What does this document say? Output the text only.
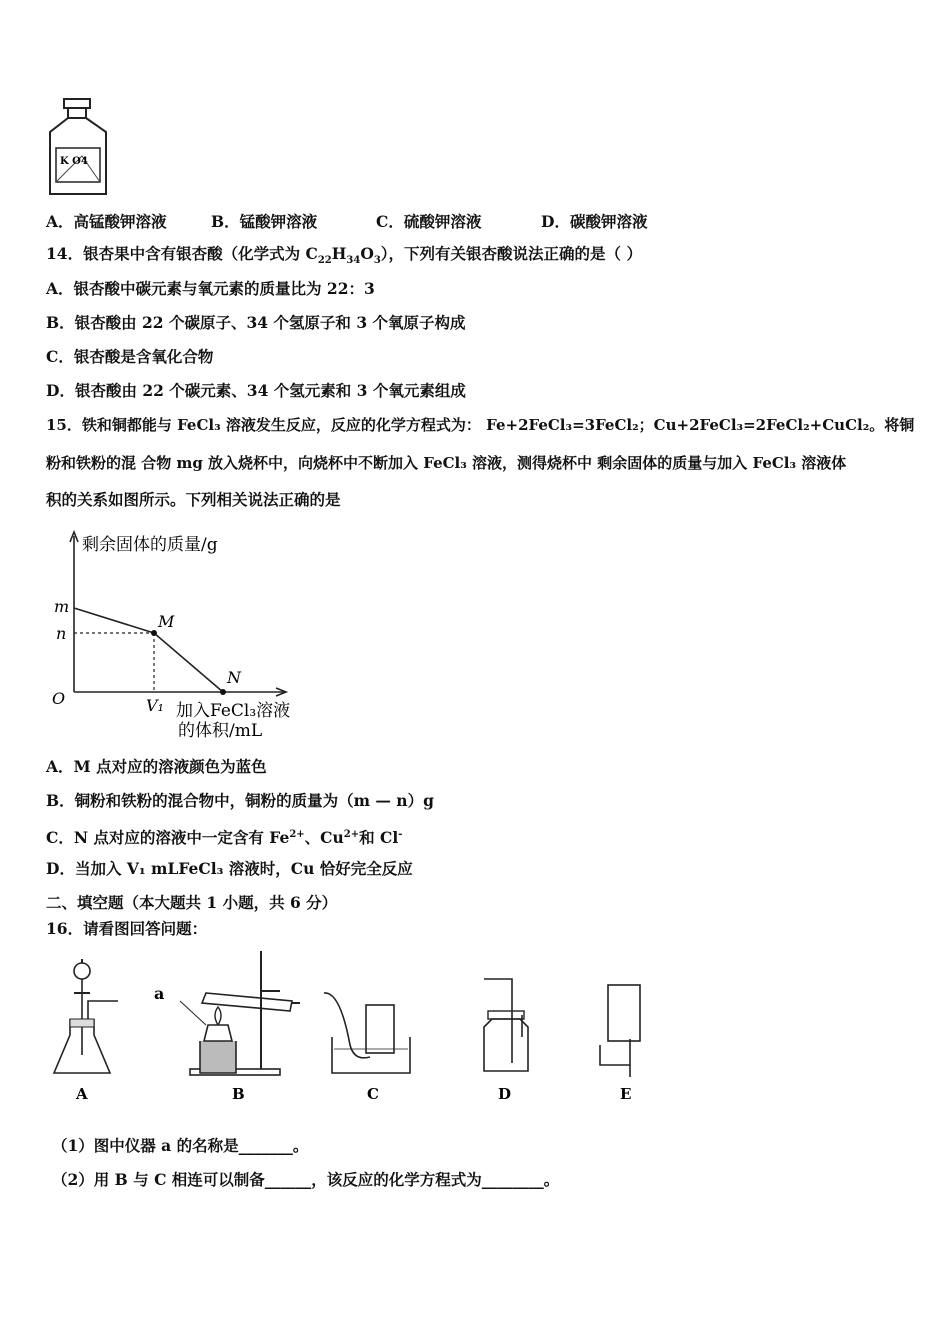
K O4
A．高锰酸钾溶液	B．锰酸钾溶液	C．硫酸钾溶液	D．碳酸钾溶液
14．银杏果中含有银杏酸（化学式为 $C_{22}H_{34}O_3$），下列有关银杏酸说法正确的是（ ）
A．银杏酸中碳元素与氧元素的质量比为 22：3
B．银杏酸由 22 个碳原子、34 个氢原子和 3 个氧原子构成
C．银杏酸是含氧化合物
D．银杏酸由 22 个碳元素、34 个氢元素和 3 个氧元素组成
15．铁和铜都能与 FeCl₃ 溶液发生反应，反应的化学方程式为： Fe+2FeCl₃=3FeCl₂；Cu+2FeCl₃=2FeCl₂+CuCl₂。将铜
粉和铁粉的混 合物 mg 放入烧杯中，向烧杯中不断加入 FeCl₃ 溶液，测得烧杯中 剩余固体的质量与加入 FeCl₃ 溶液体
积的关系如图所示。下列相关说法正确的是
剩余固体的质量/g
O
m
n
V₁ 加入FeCl₃溶液
的体积/mL
M
N
A．M 点对应的溶液颜色为蓝色
B．铜粉和铁粉的混合物中，铜粉的质量为（m — n）g
C．N 点对应的溶液中一定含有 $Fe^{2+}$、$Cu^{2+}$和 Cl-
D．当加入 V₁ mLFeCl₃ 溶液时，Cu 恰好完全反应
二、填空题（本大题共 1 小题，共 6 分）
16．请看图回答问题：
a
A	B	C	D	E
（1）图中仪器 a 的名称是_______。
（2）用 B 与 C 相连可以制备______，该反应的化学方程式为________。
